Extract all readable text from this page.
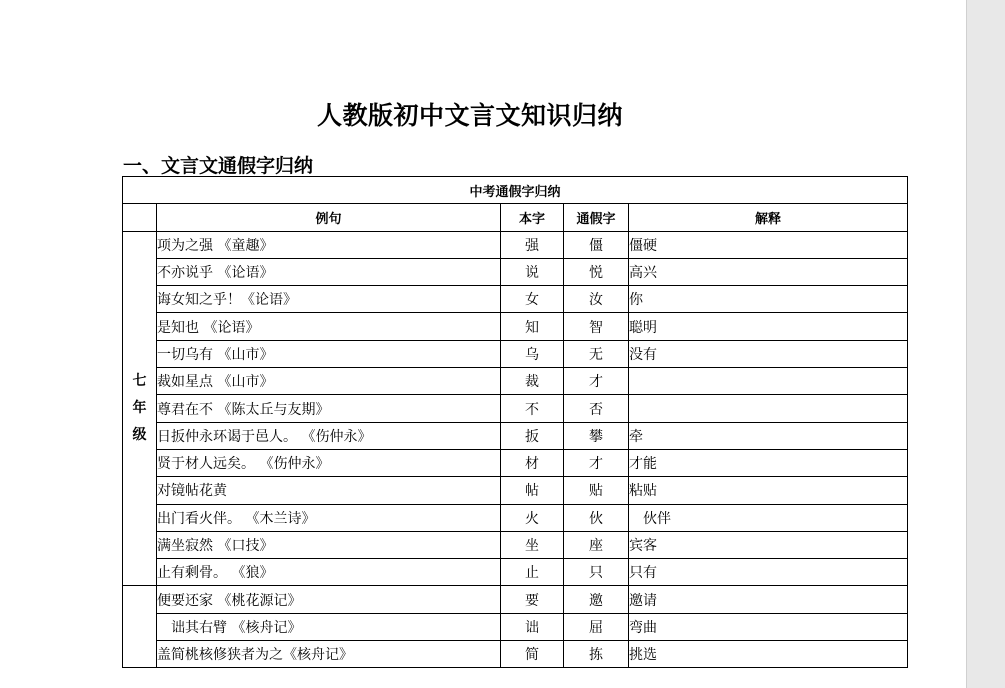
人教版初中文言文知识归纳
一、文言文通假字归纳
中考通假字归纳				
	例句	本字	通假字	解释

七
年
级	项为之强 《童趣》	强	僵	僵硬
	不亦说乎 《论语》	说	悦	高兴
	诲女知之乎！《论语》	女	汝	你
	是知也 《论语》	知	智	聪明
	一切乌有 《山市》	乌	无	没有
	裁如星点 《山市》	裁	才	
	尊君在不 《陈太丘与友期》	不	否	
	日扳仲永环谒于邑人。 《伤仲永》	扳	攀	牵
	贤于材人远矣。 《伤仲永》	材	才	才能
	对镜帖花黄	帖	贴	粘贴
	出门看火伴。 《木兰诗》	火	伙	　伙伴
	满坐寂然 《口技》	坐	座	宾客
	止有剩骨。 《狼》	止	只	只有
	便要还家 《桃花源记》	要	邀	邀请
	　诎其右臂 《核舟记》	诎	屈	弯曲
	盖简桃核修狭者为之《核舟记》	简	拣	挑选
